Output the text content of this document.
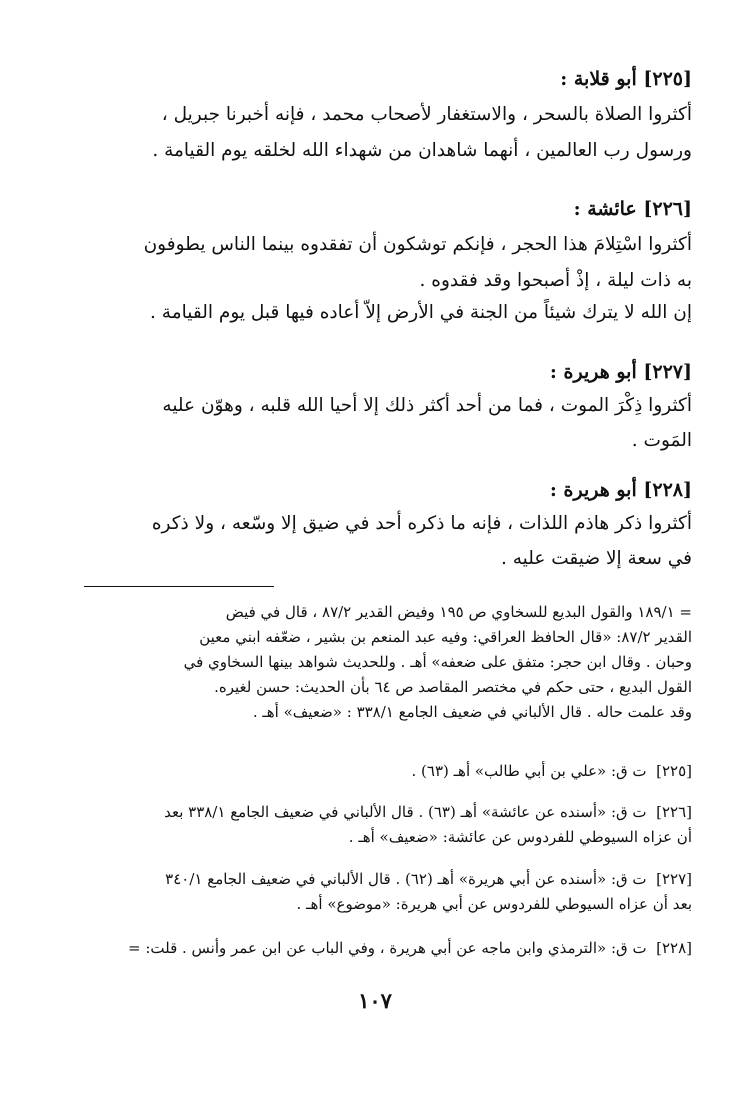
[٢٢٥] أبو قلابة :
أكثروا الصلاة بالسحر ، والاستغفار لأصحاب محمد ، فإنه أخبرنا جبريل ،
ورسول رب العالمين ، أنهما شاهدان من شهداء الله لخلقه يوم القيامة .
[٢٢٦] عائشة :
أكثروا اسْتِلامَ هذا الحجر ، فإنكم توشكون أن تفقدوه بينما الناس يطوفون
به ذات ليلة ، إذْ أصبحوا وقد فقدوه .
إن الله لا يترك شيئاً من الجنة في الأرض إلاّ أعاده فيها قبل يوم القيامة .
[٢٢٧] أبو هريرة :
أكثروا ذِكْرَ الموت ، فما من أحد أكثر ذلك إلا أحيا الله قلبه ، وهوّن عليه
المَوت .
[٢٢٨] أبو هريرة :
أكثروا ذكر هاذم اللذات ، فإنه ما ذكره أحد في ضيق إلا وسّعه ، ولا ذكره
في سعة إلا ضيقت عليه .
= ١٨٩/١ والقول البديع للسخاوي ص ١٩٥ وفيض القدير ٨٧/٢ ، قال في فيض
القدير ٨٧/٢: «قال الحافظ العراقي: وفيه عبد المنعم بن بشير ، ضعّفه ابني معين
وحبان . وقال ابن حجر: متفق على ضعفه» أهـ . وللحديث شواهد بينها السخاوي في
القول البديع ، حتى حكم في مختصر المقاصد ص ٦٤ بأن الحديث: حسن لغيره.
وقد علمت حاله . قال الألباني في ضعيف الجامع ٣٣٨/١ : «ضعيف» أهـ .
[٢٢٥]  ت ق: «علي بن أبي طالب» أهـ (٦٣) .
[٢٢٦]  ت ق: «أسنده عن عائشة» أهـ (٦٣) . قال الألباني في ضعيف الجامع ٣٣٨/١ بعد
أن عزاه السيوطي للفردوس عن عائشة: «ضعيف» أهـ .
[٢٢٧]  ت ق: «أسنده عن أبي هريرة» أهـ (٦٢) . قال الألباني في ضعيف الجامع ٣٤٠/١
بعد أن عزاه السيوطي للفردوس عن أبي هريرة: «موضوع» أهـ .
[٢٢٨]  ت ق: «الترمذي وابن ماجه عن أبي هريرة ، وفي الباب عن ابن عمر وأنس . قلت: =
١٠٧
